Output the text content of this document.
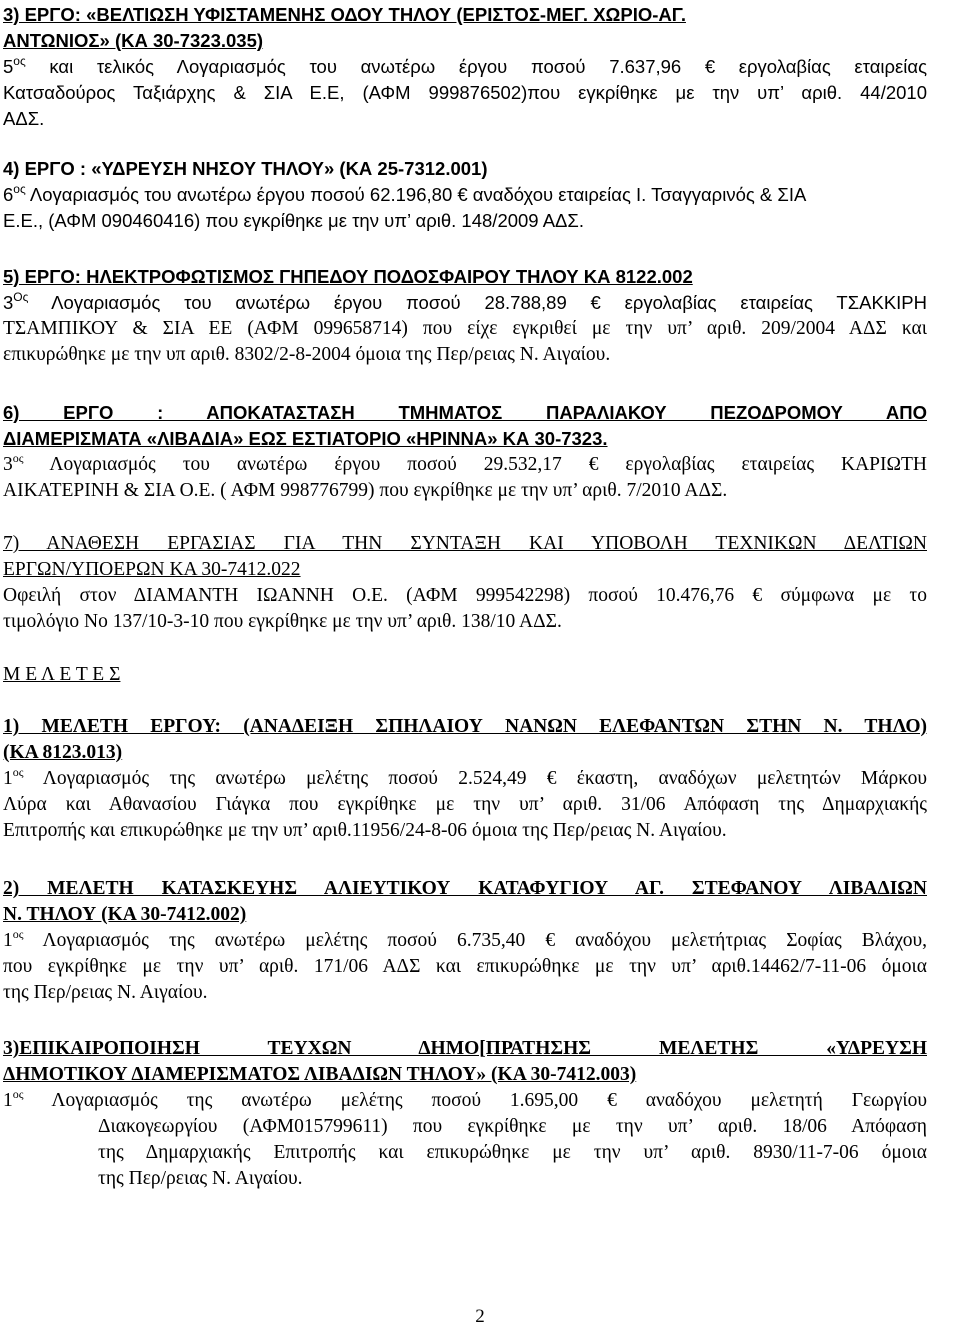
3) ΕΡΓΟ: «ΒΕΛΤΙΩΣΗ ΥΦΙΣΤΑΜΕΝΗΣ ΟΔΟΥ ΤΗΛΟΥ (ΕΡΙΣΤΟΣ-ΜΕΓ. ΧΩΡΙΟ-ΑΓ.
ΑΝΤΩΝΙΟΣ» (ΚΑ 30-7323.035)
$5^{o\varsigma}$ και τελικός Λογαριασμός του ανωτέρω έργου ποσού 7.637,96 € εργολαβίας εταιρείας
Κατσαδούρος Ταξιάρχης & ΣΙΑ Ε.Ε, (ΑΦΜ 999876502)που εγκρίθηκε με την υπ’ αριθ. 44/2010
ΑΔΣ.
4) ΕΡΓΟ : «ΥΔΡΕΥΣΗ ΝΗΣΟΥ ΤΗΛΟΥ» (ΚΑ 25-7312.001)
$6^{o\varsigma}$ Λογαριασμός του ανωτέρω έργου ποσού 62.196,80 € αναδόχου εταιρείας Ι. Τσαγγαρινός & ΣΙΑ
Ε.Ε., (ΑΦΜ 090460416) που εγκρίθηκε με την υπ’ αριθ. 148/2009 ΑΔΣ.
5) ΕΡΓΟ: ΗΛΕΚΤΡΟΦΩΤΙΣΜΟΣ ΓΗΠΕΔΟΥ ΠΟΔΟΣΦΑΙΡΟΥ ΤΗΛΟΥ ΚΑ 8122.002
$3^{O\varsigma}$ Λογαριασμός του ανωτέρω έργου ποσού 28.788,89 € εργολαβίας εταιρείας ΤΣΑΚΚΙΡΗ
ΤΣΑΜΠΙΚΟΥ & ΣΙΑ ΕΕ (ΑΦΜ 099658714) που είχε εγκριθεί με την υπ’ αριθ. 209/2004 ΑΔΣ και
επικυρώθηκε με την υπ αριθ. 8302/2-8-2004 όμοια της Περ/ρειας Ν. Αιγαίου.
6) ΕΡΓΟ : ΑΠΟΚΑΤΑΣΤΑΣΗ ΤΜΗΜΑΤΟΣ ΠΑΡΑΛΙΑΚΟΥ ΠΕΖΟΔΡΟΜΟΥ ΑΠΟ
ΔΙΑΜΕΡΙΣΜΑΤΑ «ΛΙΒΑΔΙΑ» ΕΩΣ ΕΣΤΙΑΤΟΡΙΟ «ΗΡΙΝΝΑ» ΚΑ 30-7323.
$3^{o\varsigma}$ Λογαριασμός του ανωτέρω έργου ποσού 29.532,17 € εργολαβίας εταιρείας ΚΑΡΙΩΤΗ
ΑΙΚΑΤΕΡΙΝΗ & ΣΙΑ Ο.Ε. ( ΑΦΜ 998776799) που εγκρίθηκε με την υπ’ αριθ. 7/2010 ΑΔΣ.
7) ΑΝΑΘΕΣΗ ΕΡΓΑΣΙΑΣ ΓΙΑ ΤΗΝ ΣΥΝΤΑΞΗ ΚΑΙ ΥΠΟΒΟΛΗ ΤΕΧΝΙΚΩΝ ΔΕΛΤΙΩΝ
ΕΡΓΩΝ/ΥΠΟΕΡΩΝ ΚΑ 30-7412.022
Οφειλή στον ΔΙΑΜΑΝΤΗ ΙΩΑΝΝΗ Ο.Ε. (ΑΦΜ 999542298) ποσού 10.476,76 € σύμφωνα με το
τιμολόγιο Νο 137/10-3-10 που εγκρίθηκε με την υπ’ αριθ. 138/10 ΑΔΣ.
Μ Ε Λ Ε Τ Ε Σ
1) ΜΕΛΕΤΗ ΕΡΓΟΥ: (ΑΝΑΔΕΙΞΗ ΣΠΗΛΑΙΟΥ ΝΑΝΩΝ ΕΛΕΦΑΝΤΩΝ ΣΤΗΝ Ν. ΤΗΛΟ)
(ΚΑ 8123.013)
$1^{o\varsigma}$ Λογαριασμός της ανωτέρω μελέτης ποσού 2.524,49 € έκαστη, αναδόχων μελετητών Μάρκου
Λύρα και Αθανασίου Γιάγκα που εγκρίθηκε με την υπ’ αριθ. 31/06 Απόφαση της Δημαρχιακής
Επιτροπής και επικυρώθηκε με την υπ’ αριθ.11956/24-8-06 όμοια της Περ/ρειας Ν. Αιγαίου.
2) ΜΕΛΕΤΗ ΚΑΤΑΣΚΕΥΗΣ ΑΛΙΕΥΤΙΚΟΥ ΚΑΤΑΦΥΓΙΟΥ ΑΓ. ΣΤΕΦΑΝΟΥ ΛΙΒΑΔΙΩΝ
Ν. ΤΗΛΟΥ (ΚΑ 30-7412.002)
$1^{o\varsigma}$ Λογαριασμός της ανωτέρω μελέτης ποσού 6.735,40 € αναδόχου μελετήτριας Σοφίας Βλάχου,
που εγκρίθηκε με την υπ’ αριθ. 171/06 ΑΔΣ και επικυρώθηκε με την υπ’ αριθ.14462/7-11-06 όμοια
της Περ/ρειας Ν. Αιγαίου.
3)ΕΠΙΚΑΙΡΟΠΟΙΗΣΗ ΤΕΥΧΩΝ ΔΗΜΟ[ΠΡΑΤΗΣΗΣ ΜΕΛΕΤΗΣ «ΥΔΡΕΥΣΗ
ΔΗΜΟΤΙΚΟΥ ΔΙΑΜΕΡΙΣΜΑΤΟΣ ΛΙΒΑΔΙΩΝ ΤΗΛΟΥ» (ΚΑ 30-7412.003)
$1^{o\varsigma}$ Λογαριασμός της ανωτέρω μελέτης ποσού 1.695,00 € αναδόχου μελετητή Γεωργίου
Διακογεωργίου (ΑΦΜ015799611) που εγκρίθηκε με την υπ’ αριθ. 18/06 Απόφαση
της Δημαρχιακής Επιτροπής και επικυρώθηκε με την υπ’ αριθ. 8930/11-7-06 όμοια
της Περ/ρειας Ν. Αιγαίου.
2
